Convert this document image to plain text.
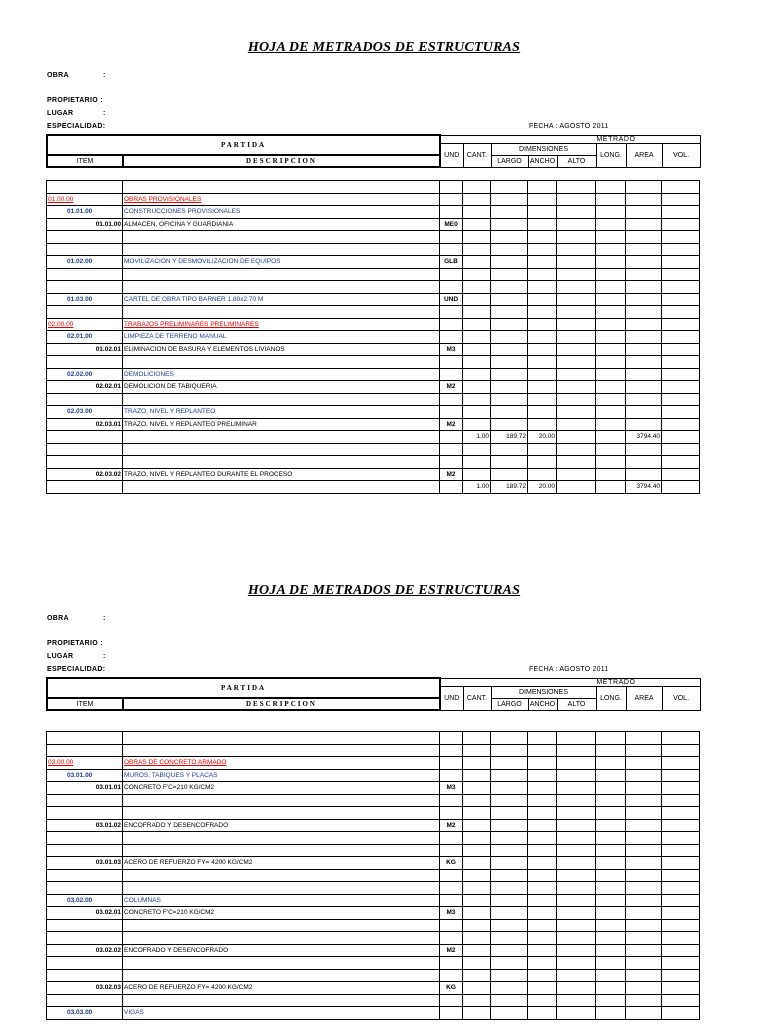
HOJA DE METRADOS DE ESTRUCTURAS
OBRA	:
PROPIETARIO :
LUGAR	:
ESPECIALIDAD:	FECHA : AGOSTO 2011
PARTIDA		METRADO							
		UND	CANT.	DIMENSIONES			LONG.	AREA	VOL.
ITEM	DESCRIPCION			LARGO	ANCHO	ALTO			

01.00.00	OBRAS PROVISIONALES								
01.01.00	CONSTRUCCIONES PROVISIONALES								
01.01.00	ALMACEN, OFICINA Y GUARDIANIA	ME0							

01.02.00	MOVILIZACION Y DESMOVILIZACION DE EQUIPOS	GLB							

01.03.00	CARTEL DE OBRA TIPO BARNER 1.80x2.70 M	UND							

02.00.00	TRABAJOS PRELIMINARES PRELIMINARES								
02.01.00	LIMPIEZA DE TERRENO MANUAL								
01.02.01	ELIMINACION DE BASURA Y ELEMENTOS LIVIANOS	M3							

02.02.00	DEMOLICIONES								
02.02.01	DEMOLICION DE TABIQUERIA	M2							

02.03.00	TRAZO, NIVEL Y REPLANTEO								
02.03.01	TRAZO, NIVEL Y REPLANTEO PRELIMINAR	M2							
			1.00	189.72	20.00			3794.40	

02.03.02	TRAZO, NIVEL Y REPLANTEO DURANTE EL PROCESO	M2							
			1.00	189.72	20.00			3794.40	
HOJA DE METRADOS DE ESTRUCTURAS
OBRA	:
PROPIETARIO :
LUGAR	:
ESPECIALIDAD:	FECHA : AGOSTO 2011
PARTIDA		METRADO							
		UND	CANT.	DIMENSIONES			LONG.	AREA	VOL.
ITEM	DESCRIPCION			LARGO	ANCHO	ALTO			

03.00.00	OBRAS DE CONCRETO ARMADO								
03.01.00	MUROS, TABIQUES Y PLACAS								
03.01.01	CONCRETO F'C=210 KG/CM2	M3							

03.01.02	ENCOFRADO Y DESENCOFRADO	M2							

03.01.03	ACERO DE REFUERZO FY= 4200 KG/CM2	KG							

03.02.00	COLUMNAS								
03.02.01	CONCRETO F'C=210 KG/CM2	M3							

03.02.02	ENCOFRADO Y DESENCOFRADO	M2							

03.02.03	ACERO DE REFUERZO FY= 4200 KG/CM2	KG							

03.03.00	VIGAS								
